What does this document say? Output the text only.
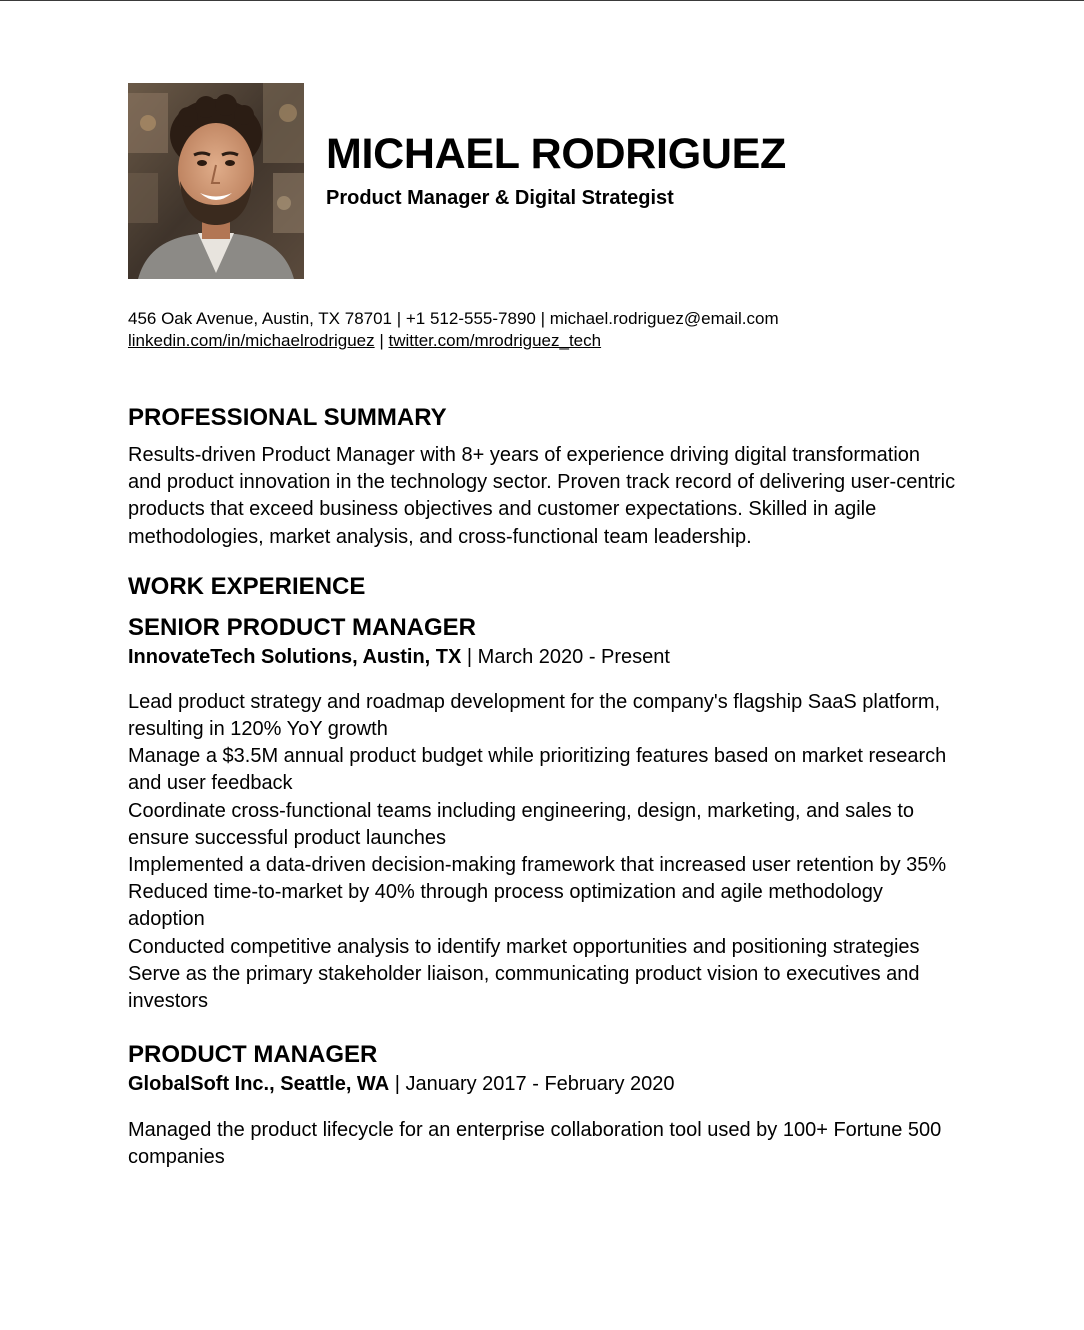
MICHAEL RODRIGUEZ
Product Manager & Digital Strategist
456 Oak Avenue, Austin, TX 78701 | +1 512-555-7890 | michael.rodriguez@email.com
linkedin.com/in/michaelrodriguez | twitter.com/mrodriguez_tech
PROFESSIONAL SUMMARY
Results-driven Product Manager with 8+ years of experience driving digital transformation and product innovation in the technology sector. Proven track record of delivering user-centric products that exceed business objectives and customer expectations. Skilled in agile methodologies, market analysis, and cross-functional team leadership.
WORK EXPERIENCE
SENIOR PRODUCT MANAGER
InnovateTech Solutions, Austin, TX | March 2020 - Present

Lead product strategy and roadmap development for the company's flagship SaaS platform, resulting in 120% YoY growth

Manage a $3.5M annual product budget while prioritizing features based on market research and user feedback

Coordinate cross-functional teams including engineering, design, marketing, and sales to ensure successful product launches

Implemented a data-driven decision-making framework that increased user retention by 35%

Reduced time-to-market by 40% through process optimization and agile methodology adoption

Conducted competitive analysis to identify market opportunities and positioning strategies

Serve as the primary stakeholder liaison, communicating product vision to executives and investors

PRODUCT MANAGER
GlobalSoft Inc., Seattle, WA | January 2017 - February 2020

Managed the product lifecycle for an enterprise collaboration tool used by 100+ Fortune 500 companies
